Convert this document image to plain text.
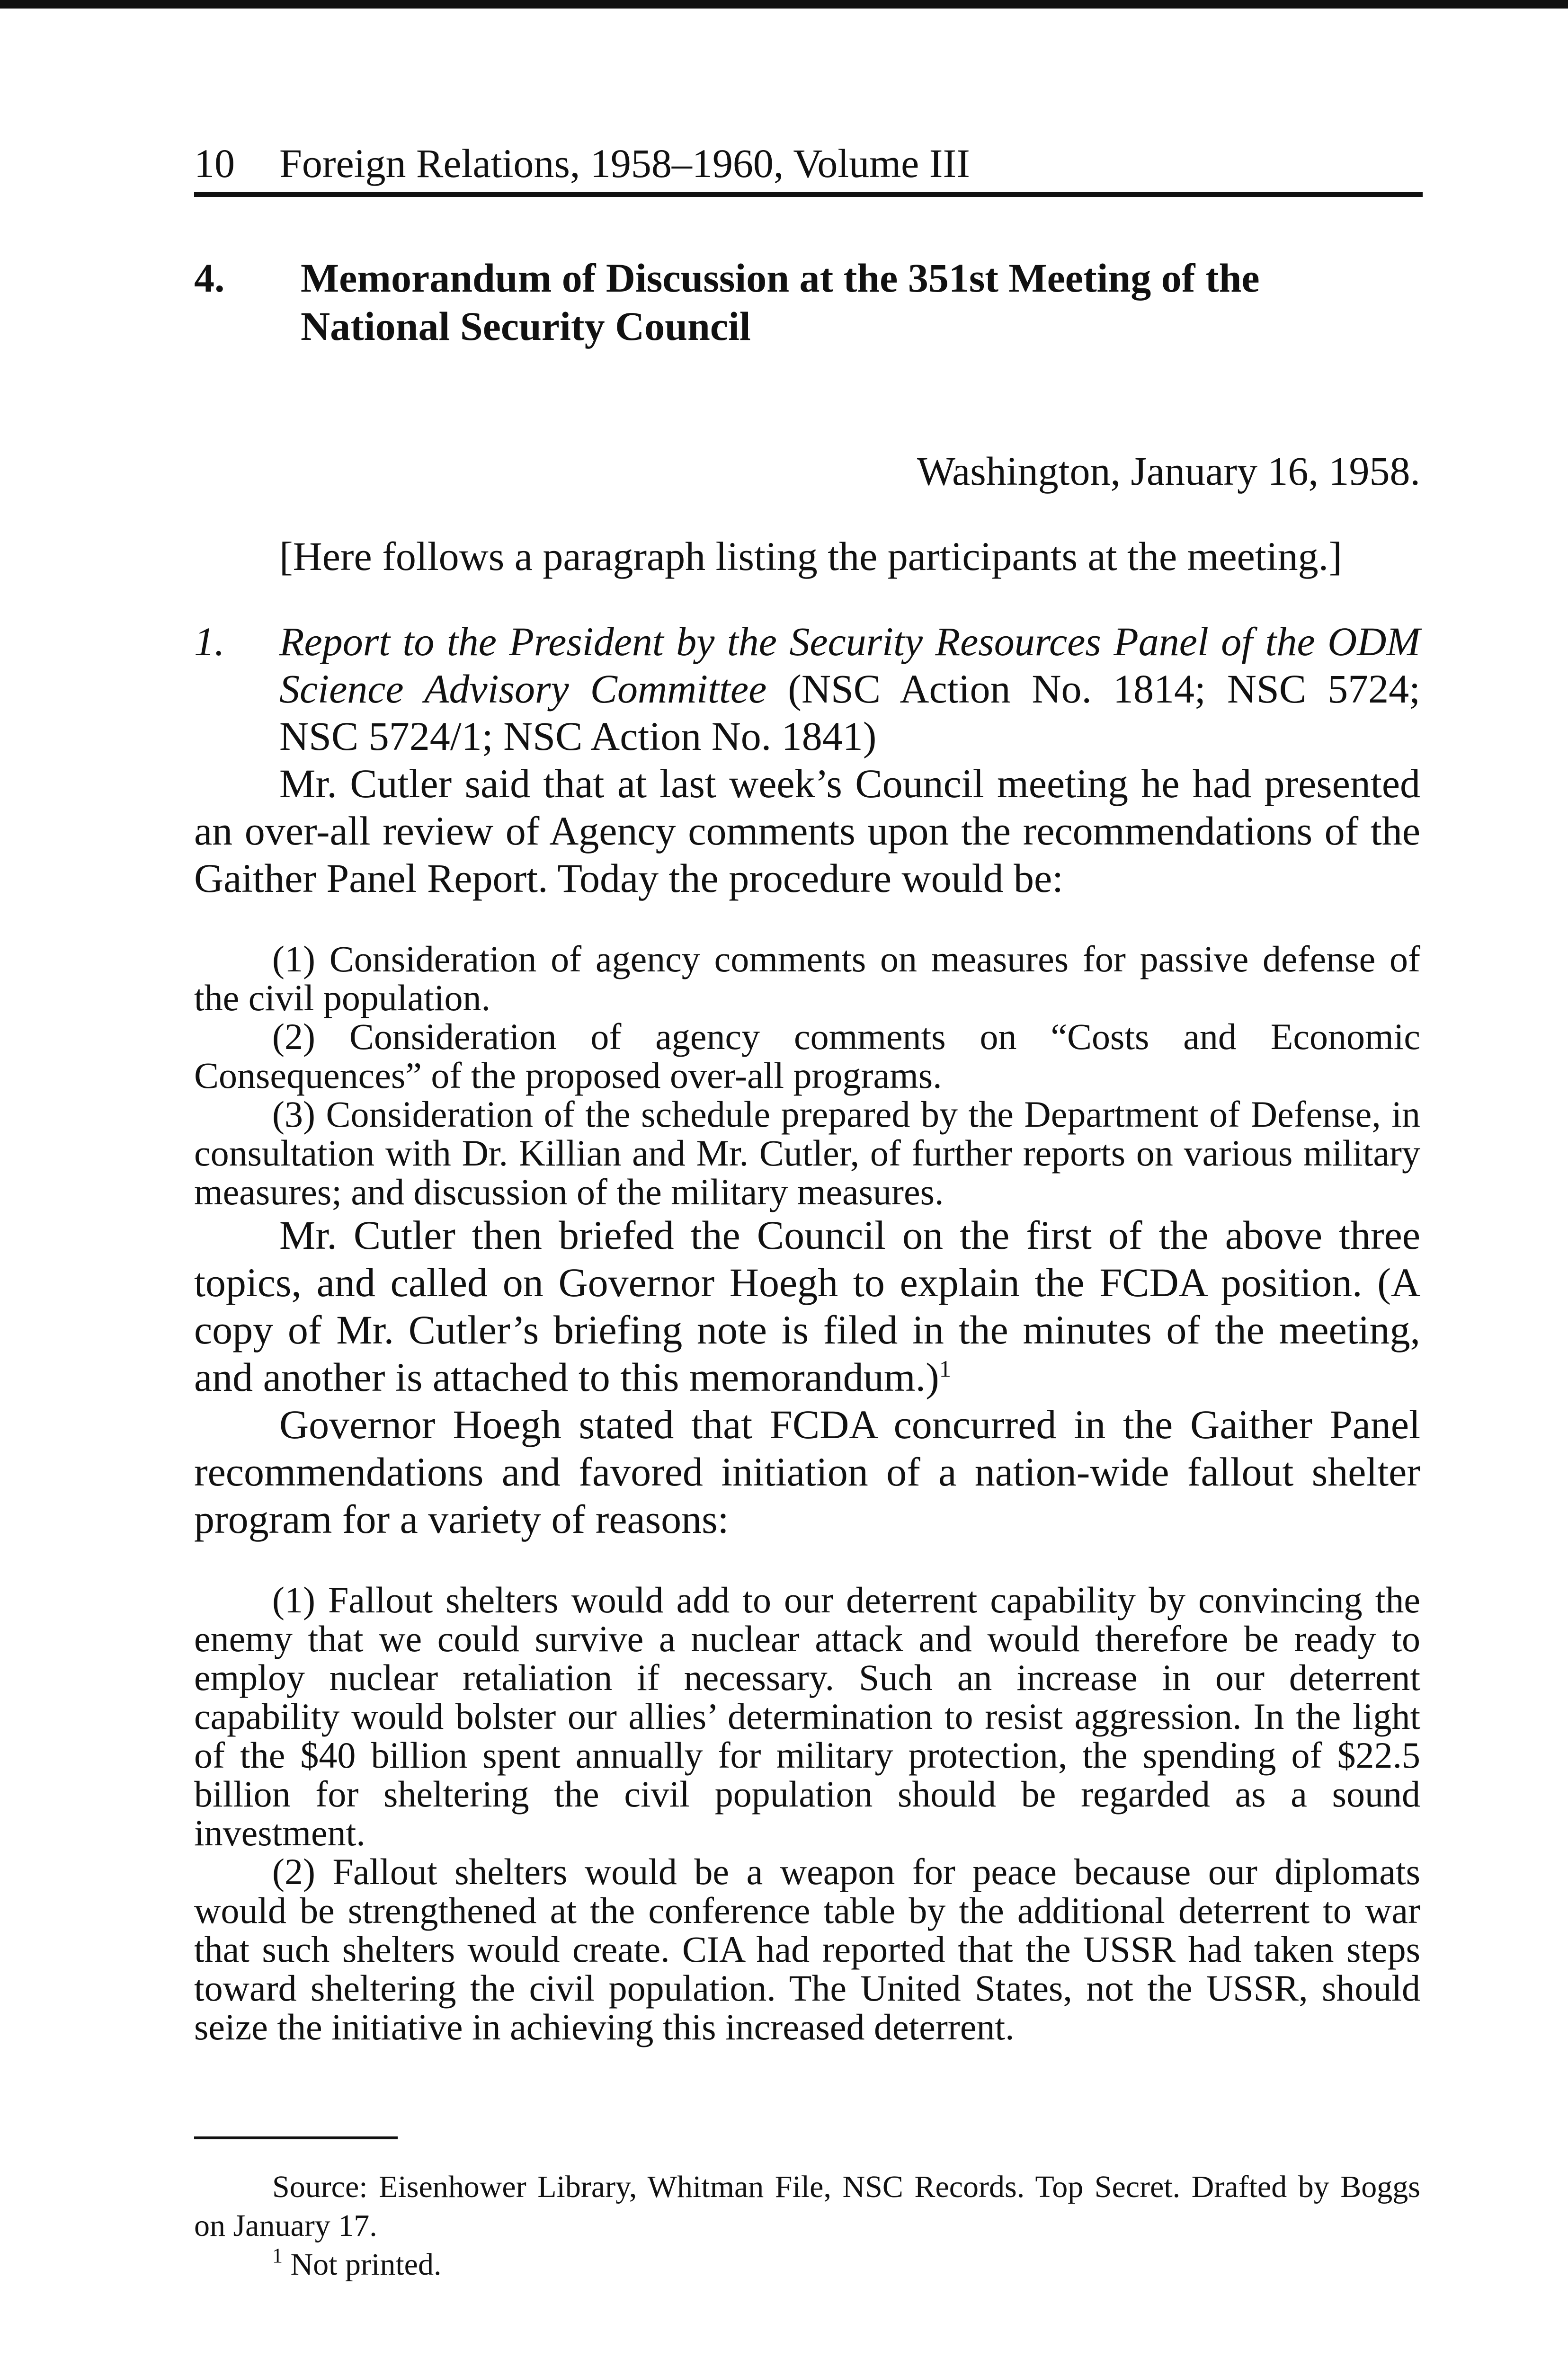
10 Foreign Relations, 1958–1960, Volume III
4.	Memorandum of Discussion at the 351st Meeting of the
National Security Council
Washington, January 16, 1958.
[Here follows a paragraph listing the participants at the meeting.]
1.	Report to the President by the Security Resources Panel of the ODM Science Advisory Committee (NSC Action No. 1814; NSC 5724; NSC 5724/1; NSC Action No. 1841)

Mr. Cutler said that at last week’s Council meeting he had presented an over-all review of Agency comments upon the recommendations of the Gaither Panel Report. Today the procedure would be:

(1) Consideration of agency comments on measures for passive defense of the civil population.

(2) Consideration of agency comments on “Costs and Economic Consequences” of the proposed over-all programs.

(3) Consideration of the schedule prepared by the Department of Defense, in consultation with Dr. Killian and Mr. Cutler, of further reports on various military measures; and discussion of the military measures.

Mr. Cutler then briefed the Council on the first of the above three topics, and called on Governor Hoegh to explain the FCDA position. (A copy of Mr. Cutler’s briefing note is filed in the minutes of the meeting, and another is attached to this memorandum.)$^1$

Governor Hoegh stated that FCDA concurred in the Gaither Panel recommendations and favored initiation of a nation-wide fallout shelter program for a variety of reasons:

(1) Fallout shelters would add to our deterrent capability by convincing the enemy that we could survive a nuclear attack and would therefore be ready to employ nuclear retaliation if necessary. Such an increase in our deterrent capability would bolster our allies’ determination to resist aggression. In the light of the $40 billion spent annually for military protection, the spending of $22.5 billion for sheltering the civil population should be regarded as a sound investment.

(2) Fallout shelters would be a weapon for peace because our diplomats would be strengthened at the conference table by the additional deterrent to war that such shelters would create. CIA had reported that the USSR had taken steps toward sheltering the civil population. The United States, not the USSR, should seize the initiative in achieving this increased deterrent.

Source: Eisenhower Library, Whitman File, NSC Records. Top Secret. Drafted by Boggs on January 17.

$^1$ Not printed.
